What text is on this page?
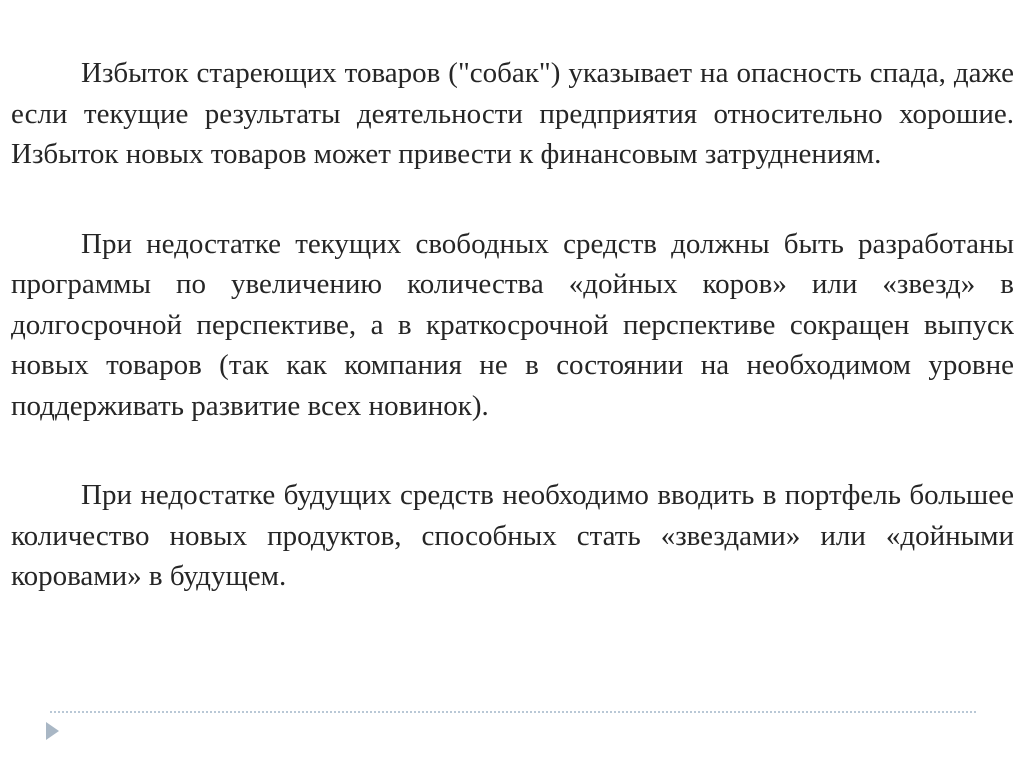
Избыток стареющих товаров ("собак") указывает на опасность спада, даже если текущие результаты деятельности предприятия относительно хорошие. Избыток новых товаров может привести к финансовым затруднениям.

При недостатке текущих свободных средств должны быть разработаны программы по увеличению количества «дойных коров» или «звезд» в долгосрочной перспективе, а в краткосрочной перспективе сокращен выпуск новых товаров (так как компания не в состоянии на необходимом уровне поддерживать развитие всех новинок).

При недостатке будущих средств необходимо вводить в портфель большее количество новых продуктов, способных стать «звездами» или «дойными коровами» в будущем.
